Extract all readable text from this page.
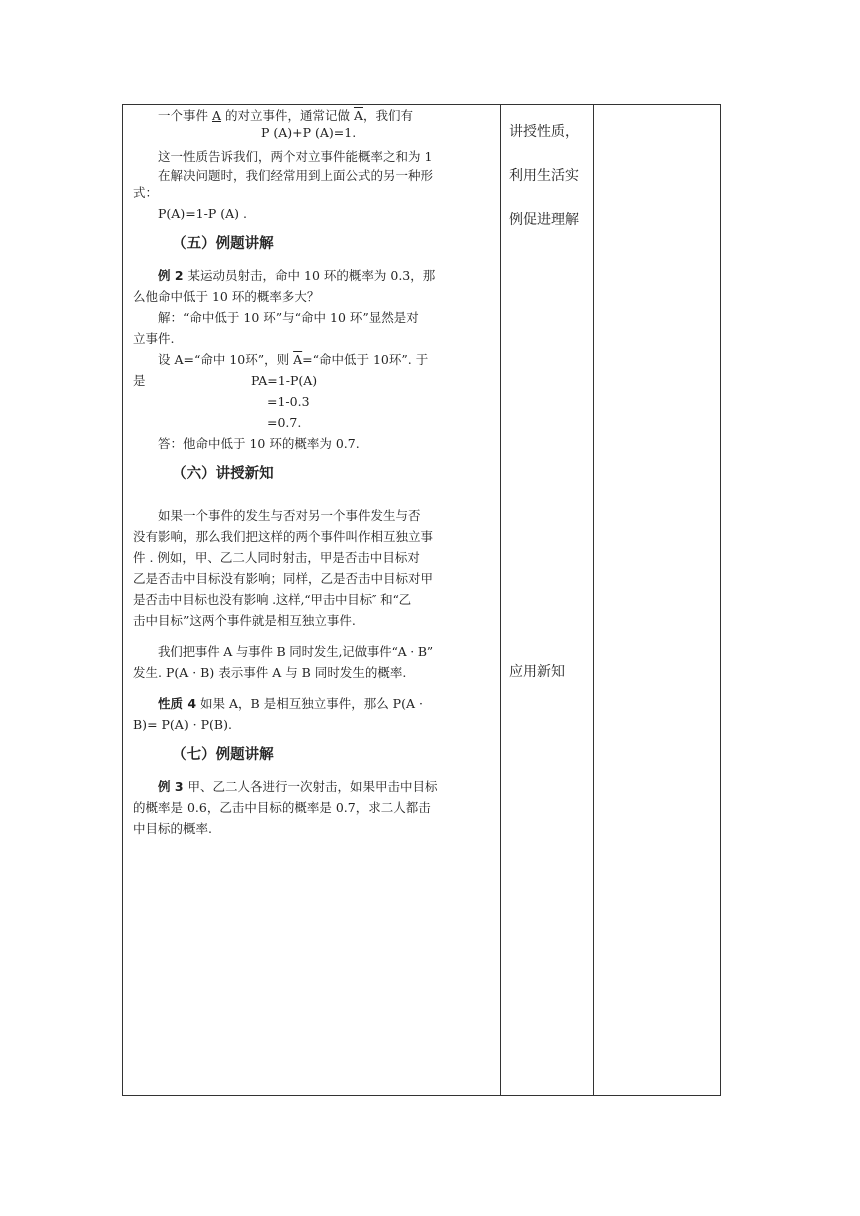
一个事件 A 的对立事件，通常记做 $\overline{A}$，我们有

P (A)+P (A)=1.

这一性质告诉我们，两个对立事件能概率之和为 1

在解决问题时，我们经常用到上面公式的另一种形

式：

P(A)=1-P (A) .

（五）例题讲解

例 2 某运动员射击，命中 10 环的概率为 0.3，那

么他命中低于 10 环的概率多大？

解：“命中低于 10 环”与“命中 10 环”显然是对

立事件.

设 A=“命中 10环”，则 $\overline{A}=“$命中低于 10环”. 于

是	PA=1-P(A)

=1-0.3

=0.7.

答：他命中低于 10 环的概率为 0.7.

（六）讲授新知

如果一个事件的发生与否对另一个事件发生与否

没有影响，那么我们把这样的两个事件叫作相互独立事

件 . 例如，甲、乙二人同时射击，甲是否击中目标对

乙是否击中目标没有影响；同样，乙是否击中目标对甲

是否击中目标也没有影响 .这样,“甲击中目标″ 和“乙

击中目标”这两个事件就是相互独立事件.

我们把事件 A 与事件 B 同时发生,记做事件“A · B”

发生. P(A · B) 表示事件 A 与 B 同时发生的概率.

性质 4 如果 A，B 是相互独立事件，那么 P(A ·

B)= P(A) · P(B).

（七）例题讲解

例 3 甲、乙二人各进行一次射击，如果甲击中目标

的概率是 0.6，乙击中目标的概率是 0.7，求二人都击

中目标的概率.

讲授性质，
利用生活实
例促进理解
应用新知
